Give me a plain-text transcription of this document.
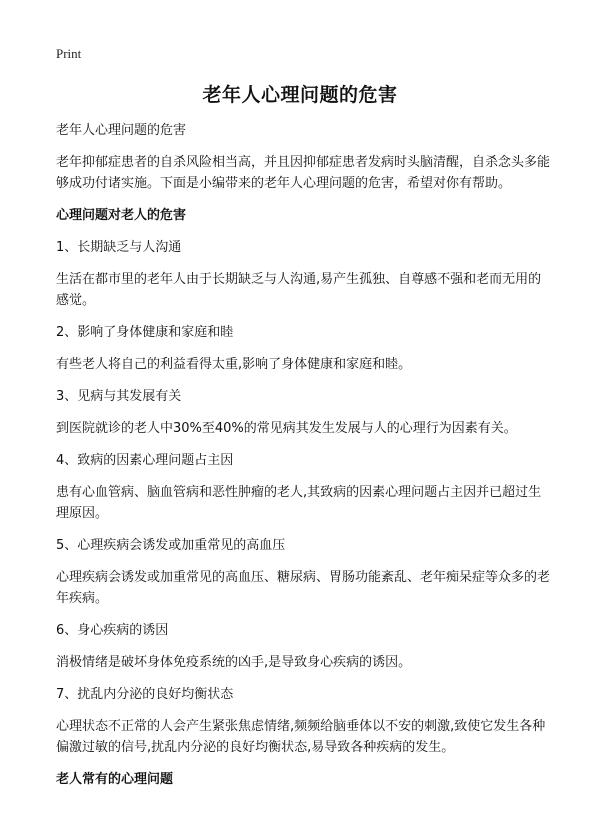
Print
老年人心理问题的危害

老年人心理问题的危害

老年抑郁症患者的自杀风险相当高，并且因抑郁症患者发病时头脑清醒，自杀念头多能够成功付诸实施。下面是小编带来的老年人心理问题的危害，希望对你有帮助。

心理问题对老人的危害

1、长期缺乏与人沟通

生活在都市里的老年人由于长期缺乏与人沟通,易产生孤独、自尊感不强和老而无用的感觉。

2、影响了身体健康和家庭和睦

有些老人将自己的利益看得太重,影响了身体健康和家庭和睦。

3、见病与其发展有关

到医院就诊的老人中30%至40%的常见病其发生发展与人的心理行为因素有关。

4、致病的因素心理问题占主因

患有心血管病、脑血管病和恶性肿瘤的老人,其致病的因素心理问题占主因并已超过生理原因。

5、心理疾病会诱发或加重常见的高血压

心理疾病会诱发或加重常见的高血压、糖尿病、胃肠功能紊乱、老年痴呆症等众多的老年疾病。

6、身心疾病的诱因

消极情绪是破坏身体免疫系统的凶手,是导致身心疾病的诱因。

7、扰乱内分泌的良好均衡状态

心理状态不正常的人会产生紧张焦虑情绪,频频给脑垂体以不安的刺激,致使它发生各种偏激过敏的信号,扰乱内分泌的良好均衡状态,易导致各种疾病的发生。

老人常有的心理问题
